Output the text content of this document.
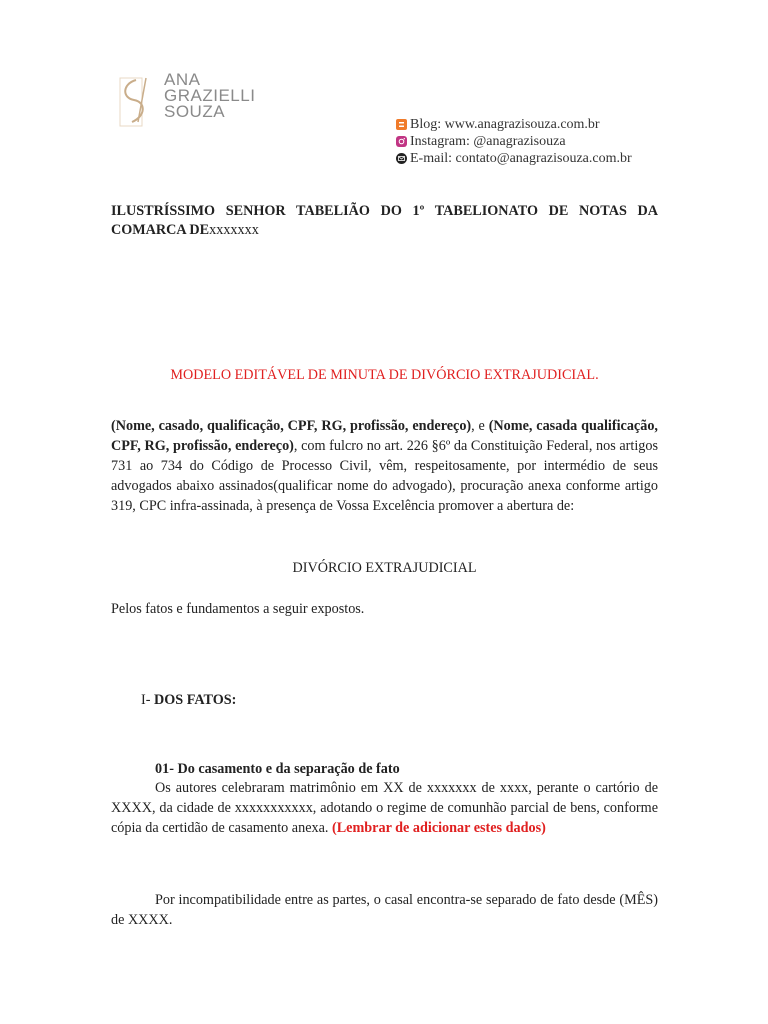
ANA
GRAZIELLI
SOUZA
Blog: www.anagrazisouza.com.br
Instagram: @anagrazisouza
E-mail: contato@anagrazisouza.com.br
ILUSTRÍSSIMO SENHOR TABELIÃO DO 1º TABELIONATO DE NOTAS DA
COMARCA DExxxxxxx
MODELO EDITÁVEL DE MINUTA DE DIVÓRCIO EXTRAJUDICIAL.
(Nome, casado, qualificação, CPF, RG, profissão, endereço), e (Nome, casada qualificação, CPF, RG, profissão, endereço), com fulcro no art. 226 §6º da Constituição Federal, nos artigos 731 ao 734 do Código de Processo Civil, vêm, respeitosamente, por intermédio de seus advogados abaixo assinados(qualificar nome do advogado), procuração anexa conforme artigo 319, CPC infra-assinada, à presença de Vossa Excelência promover a abertura de:
DIVÓRCIO EXTRAJUDICIAL
Pelos fatos e fundamentos a seguir expostos.
I- DOS FATOS:
01- Do casamento e da separação de fato
Os autores celebraram matrimônio em XX de xxxxxxx de xxxx, perante o cartório de XXXX, da cidade de xxxxxxxxxxx, adotando o regime de comunhão parcial de bens, conforme cópia da certidão de casamento anexa. (Lembrar de adicionar estes dados)
Por incompatibilidade entre as partes, o casal encontra-se separado de fato desde (MÊS) de XXXX.
